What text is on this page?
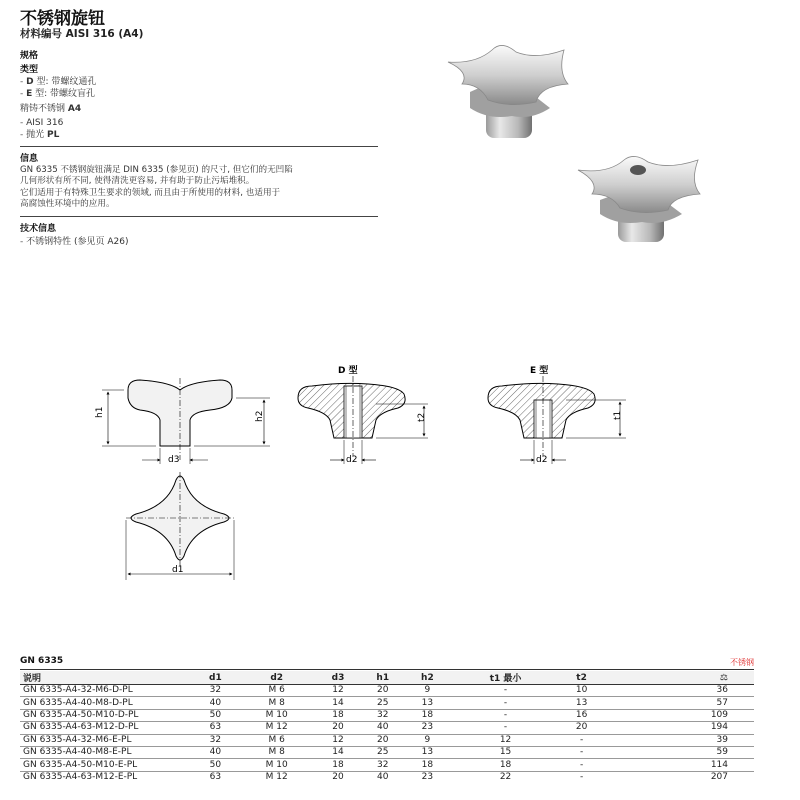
不锈钢旋钮
材料编号 AISI 316 (A4)
规格
类型
- D 型: 带螺纹通孔
- E 型: 带螺纹盲孔
精铸不锈钢 A4
- AISI 316
- 抛光 PL
信息
GN 6335 不锈钢旋钮满足 DIN 6335 (参见页) 的尺寸, 但它们的无凹陷
几何形状有所不同, 使得清洗更容易, 并有助于防止污垢堆积。
它们适用于有特殊卫生要求的领域, 而且由于所使用的材料, 也适用于
高腐蚀性环境中的应用。
技术信息
- 不锈钢特性 (参见页 A26)
h1	h2
d3
D 型
t2
d2
E 型
t1
d2
d1
GN 6335	不锈钢
说明	d1	d2	d3	h1	h2	t1 最小	t2	⚖
GN 6335-A4-32-M6-D-PL	32	M 6	12	20	9	-	10	36
GN 6335-A4-40-M8-D-PL	40	M 8	14	25	13	-	13	57
GN 6335-A4-50-M10-D-PL	50	M 10	18	32	18	-	16	109
GN 6335-A4-63-M12-D-PL	63	M 12	20	40	23	-	20	194
GN 6335-A4-32-M6-E-PL	32	M 6	12	20	9	12	-	39
GN 6335-A4-40-M8-E-PL	40	M 8	14	25	13	15	-	59
GN 6335-A4-50-M10-E-PL	50	M 10	18	32	18	18	-	114
GN 6335-A4-63-M12-E-PL	63	M 12	20	40	23	22	-	207
